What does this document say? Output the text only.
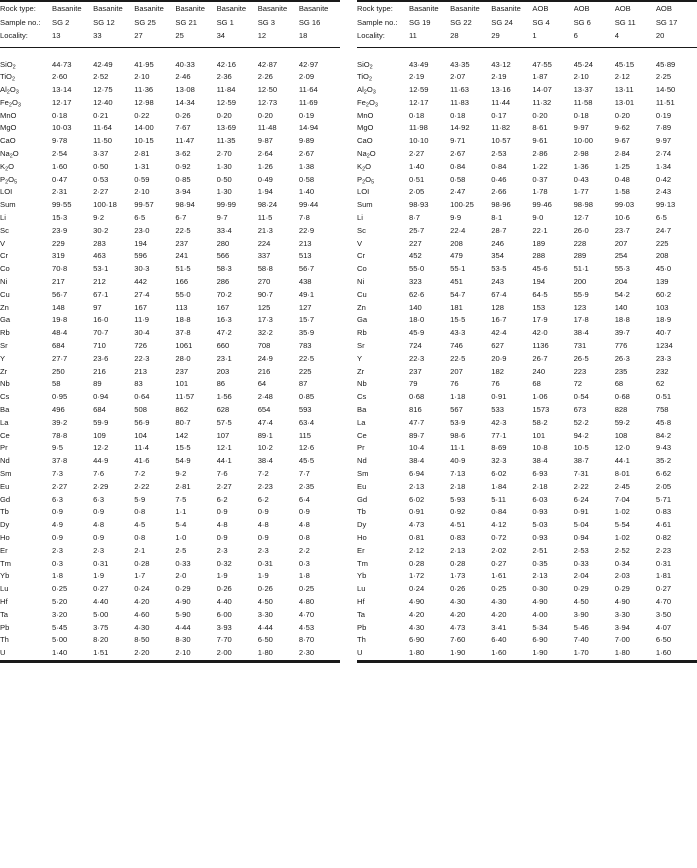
Rock type:	Basanite	Basanite	Basanite	Basanite	Basanite	Basanite	Basanite
Sample no.:	SG 2	SG 12	SG 25	SG 21	SG 1	SG 3	SG 16
Locality:	13	33	27	25	34	12	18
SiO$_2$	44·73	42·49	41·95	40·33	42·16	42·87	42·97
TiO$_2$	2·60	2·52	2·10	2·46	2·36	2·26	2·09
$Al_2O_3$	13·14	12·75	11·36	13·08	11·84	12·50	11·64
$Fe_2O_3$	12·17	12·40	12·98	14·34	12·59	12·73	11·69
MnO	0·18	0·21	0·22	0·26	0·20	0·20	0·19
MgO	10·03	11·64	14·00	7·67	13·69	11·48	14·94
CaO	9·78	11·50	10·15	11·47	11·35	9·87	9·89
$Na_2O$	2·54	3·37	2·81	3·62	2·70	2·64	2·67
$K_2O$	1·60	0·50	1·31	0·92	1·30	1·26	1·38
$P_2O_5$	0·47	0·53	0·59	0·85	0·50	0·49	0·58
LOI	2·31	2·27	2·10	3·94	1·30	1·94	1·40
Sum	99·55	100·18	99·57	98·94	99·99	98·24	99·44
Li	15·3	9·2	6·5	6·7	9·7	11·5	7·8
Sc	23·9	30·2	23·0	22·5	33·4	21·3	22·9
V	229	283	194	237	280	224	213
Cr	319	463	596	241	566	337	513
Co	70·8	53·1	30·3	51·5	58·3	58·8	56·7
Ni	217	212	442	166	286	270	438
Cu	56·7	67·1	27·4	55·0	70·2	90·7	49·1
Zn	148	97	167	113	167	125	127
Ga	19·8	16·0	11·9	18·8	16·3	17·3	15·7
Rb	48·4	70·7	30·4	37·8	47·2	32·2	35·9
Sr	684	710	726	1061	660	708	783
Y	27·7	23·6	22·3	28·0	23·1	24·9	22·5
Zr	250	216	213	237	203	216	225
Nb	58	89	83	101	86	64	87
Cs	0·95	0·94	0·64	11·57	1·56	2·48	0·85
Ba	496	684	508	862	628	654	593
La	39·2	59·9	56·9	80·7	57·5	47·4	63·4
Ce	78·8	109	104	142	107	89·1	115
Pr	9·5	12·2	11·4	15·5	12·1	10·2	12·6
Nd	37·8	44·9	41·6	54·9	44·1	38·4	45·5
Sm	7·3	7·6	7·2	9·2	7·6	7·2	7·7
Eu	2·27	2·29	2·22	2·81	2·27	2·23	2·35
Gd	6·3	6·3	5·9	7·5	6·2	6·2	6·4
Tb	0·9	0·9	0·8	1·1	0·9	0·9	0·9
Dy	4·9	4·8	4·5	5·4	4·8	4·8	4·8
Ho	0·9	0·9	0·8	1·0	0·9	0·9	0·8
Er	2·3	2·3	2·1	2·5	2·3	2·3	2·2
Tm	0·3	0·31	0·28	0·33	0·32	0·31	0·3
Yb	1·8	1·9	1·7	2·0	1·9	1·9	1·8
Lu	0·25	0·27	0·24	0·29	0·26	0·26	0·25
Hf	5·20	4·40	4·20	4·90	4·40	4·50	4·80
Ta	3·20	5·00	4·60	5·90	6·00	3·30	4·70
Pb	5·45	3·75	4·30	4·44	3·93	4·44	4·53
Th	5·00	8·20	8·50	8·30	7·70	6·50	8·70
U	1·40	1·51	2·20	2·10	2·00	1·80	2·30
Rock type:	Basanite	Basanite	Basanite	AOB	AOB	AOB	AOB
Sample no.:	SG 19	SG 22	SG 24	SG 4	SG 6	SG 11	SG 17
Locality:	11	28	29	1	6	4	20
SiO$_2$	43·49	43·35	43·12	47·55	45·24	45·15	45·89
TiO$_2$	2·19	2·07	2·19	1·87	2·10	2·12	2·25
$Al_2O_3$	12·59	11·63	13·16	14·07	13·37	13·11	14·50
$Fe_2O_3$	12·17	11·83	11·44	11·32	11·58	13·01	11·51
MnO	0·18	0·18	0·17	0·20	0·18	0·20	0·19
MgO	11·98	14·92	11·82	8·61	9·97	9·62	7·89
CaO	10·10	9·71	10·57	9·61	10·00	9·67	9·97
$Na_2O$	2·27	2·67	2·53	2·86	2·98	2·84	2·74
$K_2O$	1·40	0·84	0·84	1·22	1·36	1·25	1·34
$P_2O_5$	0·51	0·58	0·46	0·37	0·43	0·48	0·42
LOI	2·05	2·47	2·66	1·78	1·77	1·58	2·43
Sum	98·93	100·25	98·96	99·46	98·98	99·03	99·13
Li	8·7	9·9	8·1	9·0	12·7	10·6	6·5
Sc	25·7	22·4	28·7	22·1	26·0	23·7	24·7
V	227	208	246	189	228	207	225
Cr	452	479	354	288	289	254	208
Co	55·0	55·1	53·5	45·6	51·1	55·3	45·0
Ni	323	451	243	194	200	204	139
Cu	62·6	54·7	67·4	64·5	55·9	54·2	60·2
Zn	140	181	128	153	123	140	103
Ga	18·0	15·5	16·7	17·9	17·8	18·8	18·9
Rb	45·9	43·3	42·4	42·0	38·4	39·7	40·7
Sr	724	746	627	1136	731	776	1234
Y	22·3	22·5	20·9	26·7	26·5	26·3	23·3
Zr	237	207	182	240	223	235	232
Nb	79	76	76	68	72	68	62
Cs	0·68	1·18	0·91	1·06	0·54	0·68	0·51
Ba	816	567	533	1573	673	828	758
La	47·7	53·9	42·3	58·2	52·2	59·2	45·8
Ce	89·7	98·6	77·1	101	94·2	108	84·2
Pr	10·4	11·1	8·69	10·8	10·5	12·0	9·43
Nd	38·4	40·9	32·3	38·4	38·7	44·1	35·2
Sm	6·94	7·13	6·02	6·93	7·31	8·01	6·62
Eu	2·13	2·18	1·84	2·18	2·22	2·45	2·05
Gd	6·02	5·93	5·11	6·03	6·24	7·04	5·71
Tb	0·91	0·92	0·84	0·93	0·91	1·02	0·83
Dy	4·73	4·51	4·12	5·03	5·04	5·54	4·61
Ho	0·81	0·83	0·72	0·93	0·94	1·02	0·82
Er	2·12	2·13	2·02	2·51	2·53	2·52	2·23
Tm	0·28	0·28	0·27	0·35	0·33	0·34	0·31
Yb	1·72	1·73	1·61	2·13	2·04	2·03	1·81
Lu	0·24	0·26	0·25	0·30	0·29	0·29	0·27
Hf	4·90	4·30	4·30	4·90	4·50	4·90	4·70
Ta	4·20	4·20	4·20	4·00	3·90	3·30	3·50
Pb	4·30	4·73	3·41	5·34	5·46	3·94	4·07
Th	6·90	7·60	6·40	6·90	7·40	7·00	6·50
U	1·80	1·90	1·60	1·90	1·70	1·80	1·60
